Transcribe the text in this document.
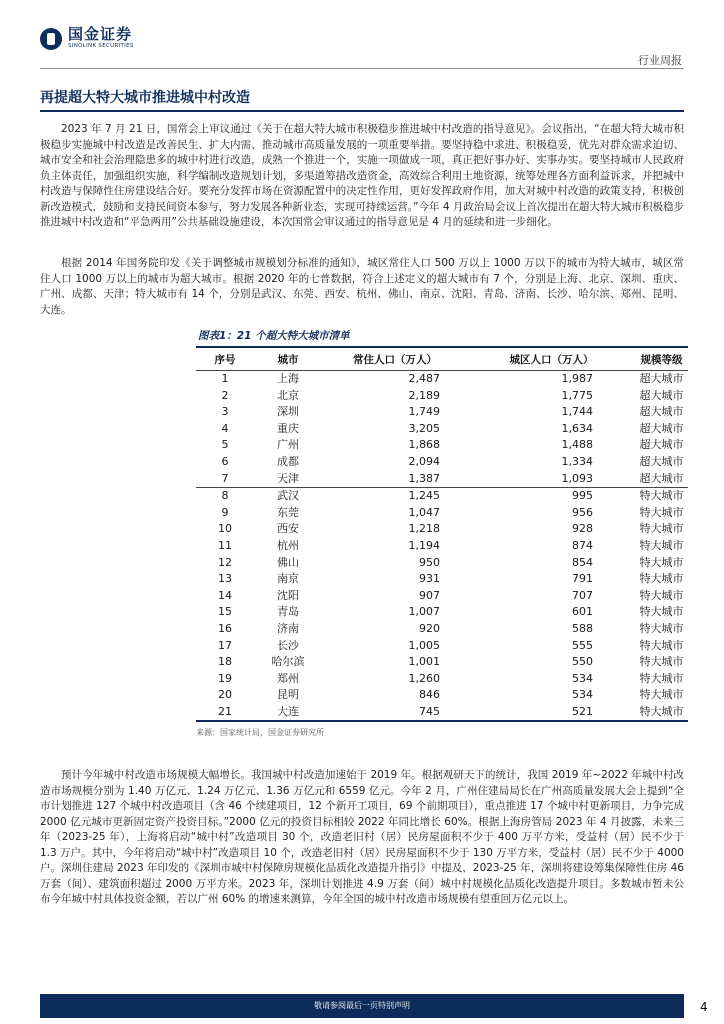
国金证券
SINOLINK SECURITIES
行业周报
再提超大特大城市推进城中村改造

2023 年 7 月 21 日，国常会上审议通过《关于在超大特大城市积极稳步推进城中村改造的指导意见》。会议指出，“在超大特大城市积极稳步实施城中村改造是改善民生、扩大内需、推动城市高质量发展的一项重要举措。要坚持稳中求进、积极稳妥，优先对群众需求迫切、城市安全和社会治理隐患多的城中村进行改造，成熟一个推进一个，实施一项做成一项，真正把好事办好、实事办实。要坚持城市人民政府负主体责任，加强组织实施，科学编制改造规划计划，多渠道筹措改造资金，高效综合利用土地资源，统筹处理各方面利益诉求，并把城中村改造与保障性住房建设结合好。要充分发挥市场在资源配置中的决定性作用，更好发挥政府作用，加大对城中村改造的政策支持，积极创新改造模式，鼓励和支持民间资本参与，努力发展各种新业态，实现可持续运营。”今年 4 月政治局会议上首次提出在超大特大城市积极稳步推进城中村改造和“平急两用”公共基础设施建设，本次国常会审议通过的指导意见是 4 月的延续和进一步细化。

根据 2014 年国务院印发《关于调整城市规模划分标准的通知》，城区常住人口 500 万以上 1000 万以下的城市为特大城市，城区常住人口 1000 万以上的城市为超大城市。根据 2020 年的七普数据，符合上述定义的超大城市有 7 个，分别是上海、北京、深圳、重庆、广州、成都、天津；特大城市有 14 个，分别是武汉、东莞、西安、杭州、佛山、南京、沈阳、青岛、济南、长沙、哈尔滨、郑州、昆明、大连。

图表1：21 个超大特大城市清单
序号	城市	常住人口（万人）	城区人口（万人）	规模等级
1	上海	2,487	1,987	超大城市
2	北京	2,189	1,775	超大城市
3	深圳	1,749	1,744	超大城市
4	重庆	3,205	1,634	超大城市
5	广州	1,868	1,488	超大城市
6	成都	2,094	1,334	超大城市
7	天津	1,387	1,093	超大城市
8	武汉	1,245	995	特大城市
9	东莞	1,047	956	特大城市
10	西安	1,218	928	特大城市
11	杭州	1,194	874	特大城市
12	佛山	950	854	特大城市
13	南京	931	791	特大城市
14	沈阳	907	707	特大城市
15	青岛	1,007	601	特大城市
16	济南	920	588	特大城市
17	长沙	1,005	555	特大城市
18	哈尔滨	1,001	550	特大城市
19	郑州	1,260	534	特大城市
20	昆明	846	534	特大城市
21	大连	745	521	特大城市
来源：国家统计局，国金证券研究所

预计今年城中村改造市场规模大幅增长。我国城中村改造加速始于 2019 年。根据观研天下的统计，我国 2019 年~2022 年城中村改造市场规模分别为 1.40 万亿元、1.24 万亿元、1.36 万亿元和 6559 亿元。今年 2 月，广州住建局局长在广州高质量发展大会上提到“全市计划推进 127 个城中村改造项目（含 46 个续建项目，12 个新开工项目，69 个前期项目），重点推进 17 个城中村更新项目，力争完成 2000 亿元城市更新固定资产投资目标。”2000 亿元的投资目标相较 2022 年同比增长 60%。根据上海房管局 2023 年 4 月披露，未来三年（2023-25 年），上海将启动“城中村”改造项目 30 个，改造老旧村（居）民房屋面积不少于 400 万平方米，受益村（居）民不少于 1.3 万户。其中，今年将启动“城中村”改造项目 10 个，改造老旧村（居）民房屋面积不少于 130 万平方米，受益村（居）民不少于 4000 户。深圳住建局 2023 年印发的《深圳市城中村保障房规模化品质化改造提升指引》中提及，2023-25 年，深圳将建设筹集保障性住房 46 万套（间）、建筑面积超过 2000 万平方米。2023 年，深圳计划推进 4.9 万套（间）城中村规模化品质化改造提升项目。多数城市暂未公布今年城中村具体投资金额，若以广州 60% 的增速来测算，今年全国的城中村改造市场规模有望重回万亿元以上。

敬请参阅最后一页特别声明	4
